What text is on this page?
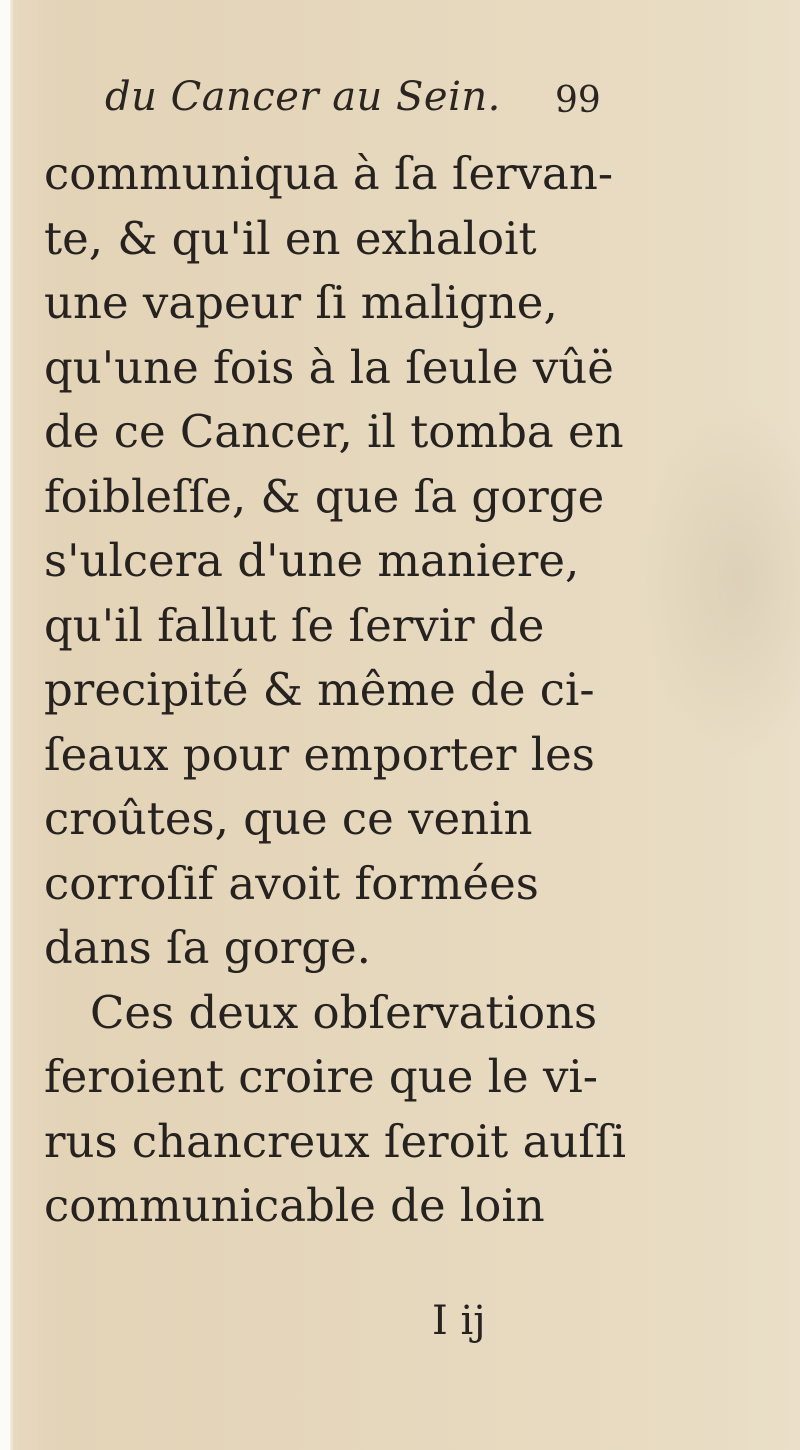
du Cancer au Sein. 99
communiqua à ſa ſervan-
te, & qu'il en exhaloit
une vapeur ſi maligne,
qu'une fois à la ſeule vûë
de ce Cancer, il tomba en
foibleſſe, & que ſa gorge
s'ulcera d'une maniere,
qu'il fallut ſe ſervir de
precipité & même de ci-
ſeaux pour emporter les
croûtes, que ce venin
corroſif avoit formées
dans ſa gorge.
Ces deux obſervations
feroient croire que le vi-
rus chancreux ſeroit auſſi
communicable de loin
I ij
